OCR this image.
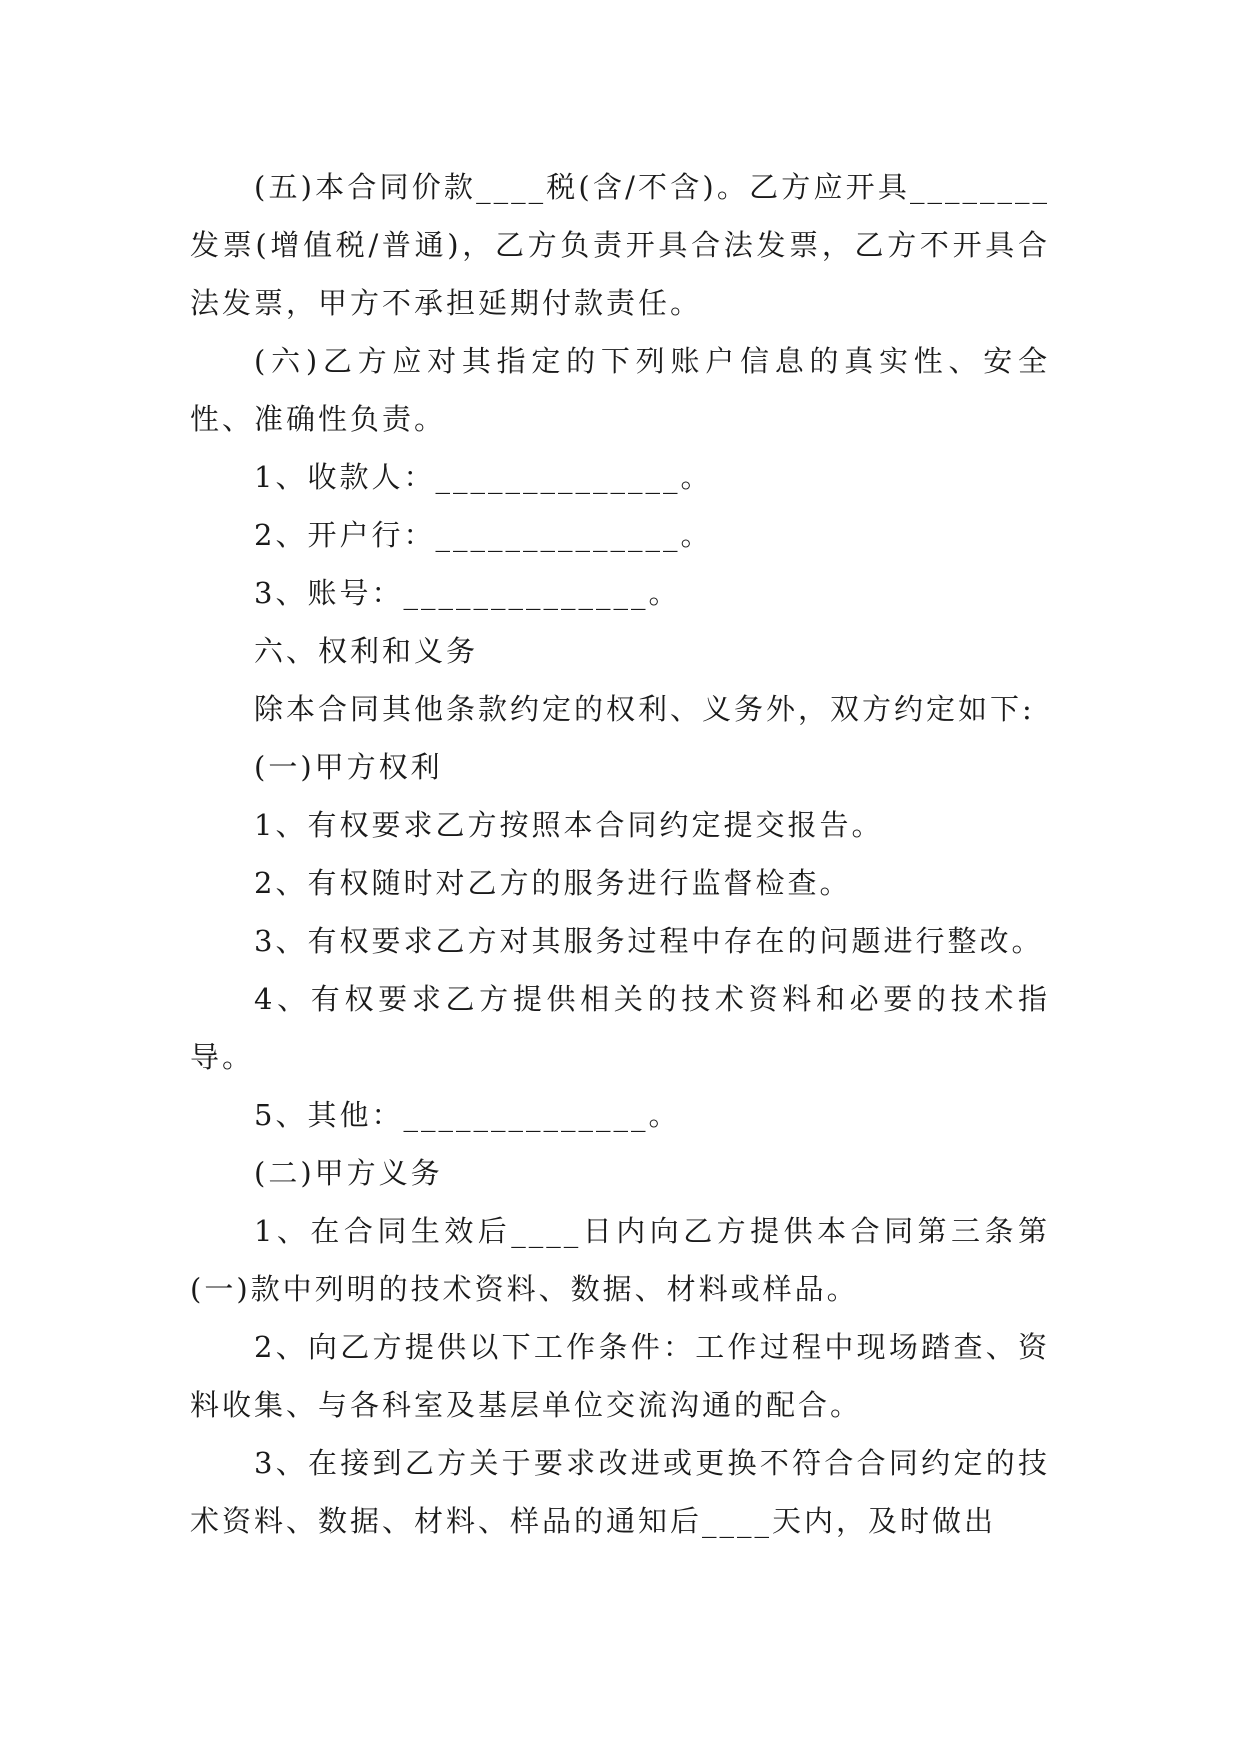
(五)本合同价款____税(含/不含)。乙方应开具________发票(增值税/普通)，乙方负责开具合法发票，乙方不开具合法发票，甲方不承担延期付款责任。

(六)乙方应对其指定的下列账户信息的真实性、安全性、准确性负责。

1、收款人：______________。

2、开户行：______________。

3、账号：______________。

六、权利和义务

除本合同其他条款约定的权利、义务外，双方约定如下:

(一)甲方权利

1、有权要求乙方按照本合同约定提交报告。

2、有权随时对乙方的服务进行监督检查。

3、有权要求乙方对其服务过程中存在的问题进行整改。

4、有权要求乙方提供相关的技术资料和必要的技术指导。

5、其他：______________。

(二)甲方义务

1、在合同生效后____日内向乙方提供本合同第三条第(一)款中列明的技术资料、数据、材料或样品。

2、向乙方提供以下工作条件：工作过程中现场踏查、资料收集、与各科室及基层单位交流沟通的配合。

3、在接到乙方关于要求改进或更换不符合合同约定的技术资料、数据、材料、样品的通知后____天内，及时做出
